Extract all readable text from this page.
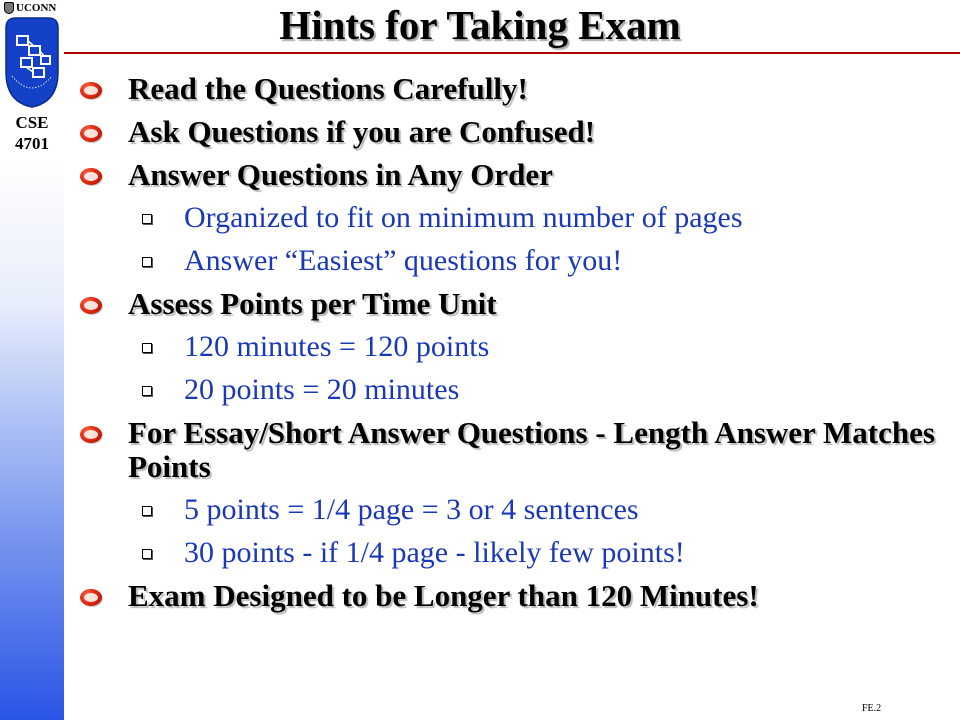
UCONN
CSE 4701
Hints for Taking Exam
Read the Questions Carefully!
Ask Questions if you are Confused!
Answer Questions in Any Order
Organized to fit on minimum number of pages
Answer “Easiest” questions for you!
Assess Points per Time Unit
120 minutes = 120 points
20 points = 20 minutes
For Essay/Short Answer Questions - Length Answer Matches Points
5 points = 1/4 page = 3 or 4 sentences
30 points - if 1/4 page - likely few points!
Exam Designed to be Longer than 120 Minutes!
FE.2
